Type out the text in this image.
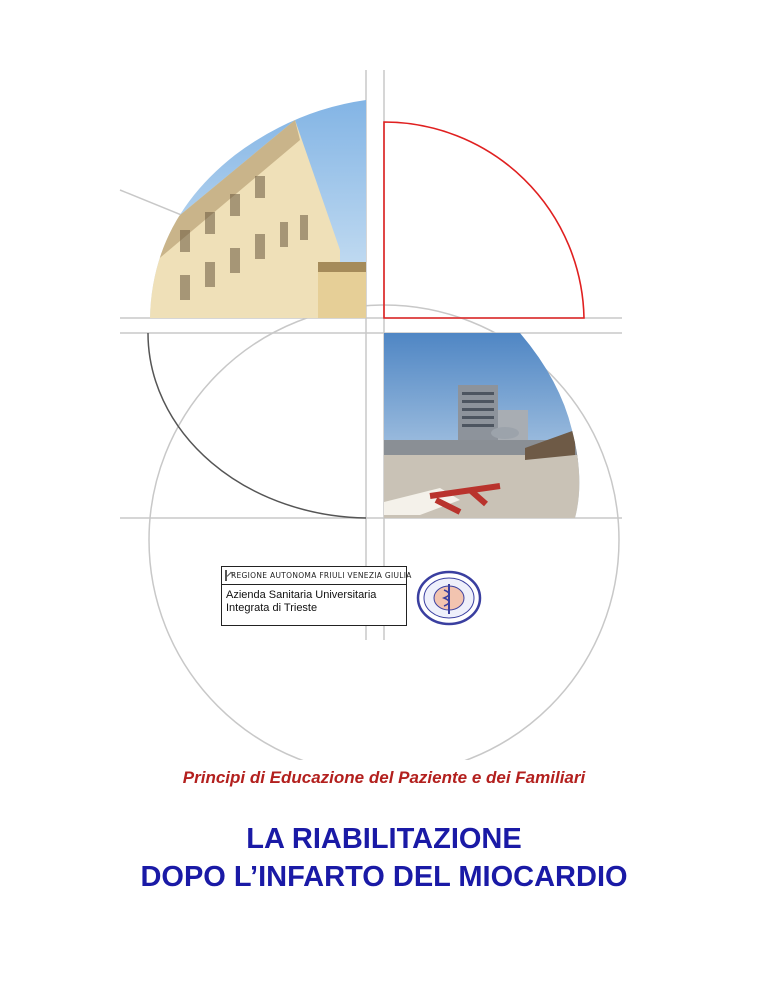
REGIONE AUTONOMA FRIULI VENEZIA GIULIA
Azienda Sanitaria Universitaria
Integrata di Trieste
Principi di Educazione del Paziente e dei Familiari
LA RIABILITAZIONE
DOPO L’INFARTO DEL MIOCARDIO
